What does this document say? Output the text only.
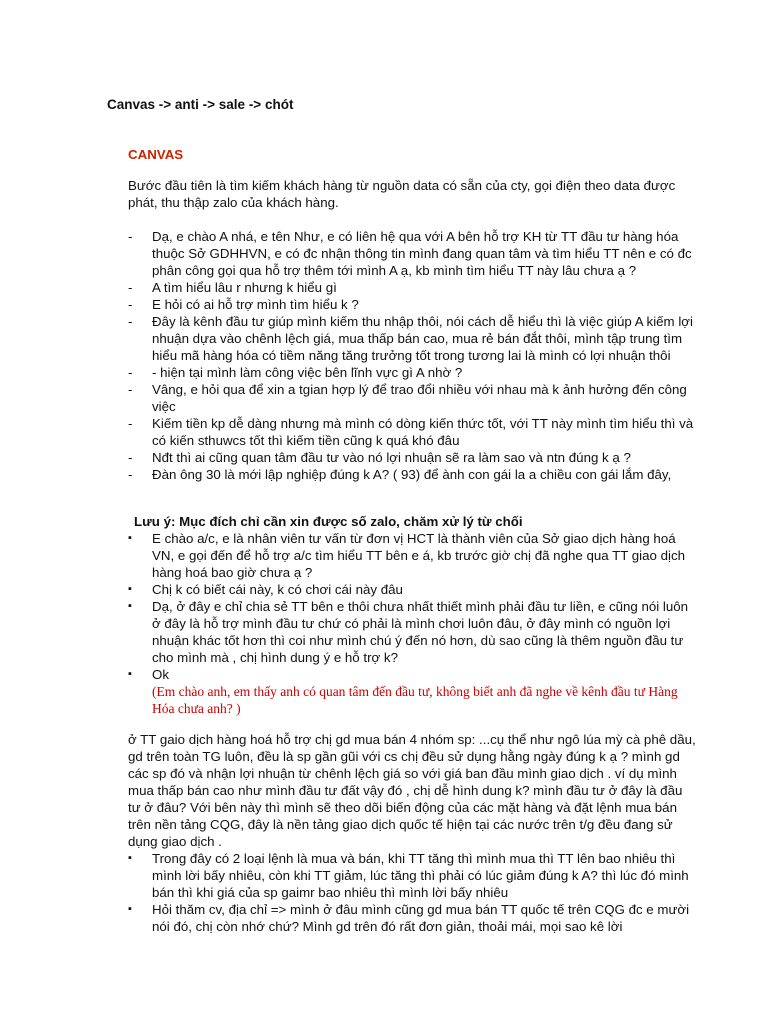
Canvas -> anti -> sale -> chót
CANVAS
Bước đầu tiên là tìm kiếm khách hàng từ nguồn data có sẵn của cty, gọi điện theo data được phát, thu thập zalo của khách hàng.
- Dạ, e chào A nhá, e tên Như, e có liên hệ qua với A bên hỗ trợ KH từ TT đầu tư hàng hóa thuộc Sở GDHHVN, e có đc nhận thông tin mình đang quan tâm và tìm hiểu TT nên e có đc phân công gọi qua hỗ trợ thêm tới mình A ạ, kb mình tìm hiểu TT này lâu chưa ạ ?
- A tìm hiểu lâu r nhưng k hiểu gì
- E hỏi có ai hỗ trợ mình tìm hiểu k ?
- Đây là kênh đầu tư giúp mình kiếm thu nhập thôi, nói cách dễ hiểu thì là việc giúp A kiếm lợi nhuận dựa vào chênh lệch giá, mua thấp bán cao, mua rẻ bán đắt thôi, mình tập trung tìm hiểu mã hàng hóa có tiềm năng tăng trưởng tốt trong tương lai là mình có lợi nhuận thôi
- - hiện tại mình làm công việc bên lĩnh vực gì A nhờ ?
- Vâng, e hỏi qua để xin a tgian hợp lý để trao đổi nhiều với nhau mà k ảnh hưởng đến công việc
- Kiếm tiền kp dễ dàng nhưng mà mình có dòng kiến thức tốt, với TT này mình tìm hiểu thì và có kiến sthuwcs tốt thì kiếm tiền cũng k quá khó đâu
- Nđt thì ai cũng quan tâm đầu tư vào nó lợi nhuận sẽ ra làm sao và ntn đúng k ạ ?
- Đàn ông 30 là mới lập nghiệp đúng k A? ( 93) để ành con gái la a chiều con gái lắm đây,
Lưu ý: Mục đích chỉ cần xin được số zalo, chăm xử lý từ chối
▪ E chào a/c, e là nhân viên tư vấn từ đơn vị HCT là thành viên của Sở giao dịch hàng hoá VN, e gọi đến để hỗ trợ a/c tìm hiểu TT bên e á, kb trước giờ chị đã nghe qua TT giao dịch hàng hoá bao giờ chưa ạ ?
▪ Chị k có biết cái này, k có chơi cái này đâu
▪ Dạ, ở đây e chỉ chia sẻ TT bên e thôi chưa nhất thiết mình phải đầu tư liền, e cũng nói luôn ở đây là hỗ trợ mình đầu tư chứ có phải là mình chơi luôn đâu, ở đây mình có nguồn lợi nhuận khác tốt hơn thì coi như mình chú ý đến nó hơn, dù sao cũng là thêm nguồn đầu tư cho mình mà , chị hình dung ý e hỗ trợ k?
▪ Ok
(Em chào anh, em thấy anh có quan tâm đến đầu tư, không biết anh đã nghe về kênh đầu tư Hàng Hóa chưa anh? )
ở TT gaio dịch hàng hoá hỗ trợ chị gd mua bán 4 nhóm sp: ...cụ thể như ngô lúa mỳ cà phê dầu, gd trên toàn TG luôn, đều là sp gần gũi với cs chị đều sử dụng hằng ngày đúng k ạ ? mình gd các sp đó và nhận lợi nhuận từ chênh lệch giá so với giá ban đầu mình giao dịch . ví dụ mình mua thấp bán cao như mình đầu tư đất vậy đó , chị dễ hình dung k? mình đầu tư ở đây là đầu tư ở đâu? Với bên này thì mình sẽ theo dõi biến động của các mặt hàng và đặt lệnh mua bán trên nền tảng CQG, đây là nền tảng giao dịch quốc tế hiện tại các nước trên t/g đều đang sử dụng giao dịch .
▪ Trong đây có 2 loại lệnh là mua và bán, khi TT tăng thì mình mua thì TT lên bao nhiêu thì mình lời bấy nhiêu, còn khi TT giảm, lúc tăng thì phải có lúc giảm đúng k A? thì lúc đó mình bán thì khi giá của sp gaimr bao nhiêu thì mình lời bấy nhiêu
▪ Hỏi thăm cv, địa chỉ => mình ở đâu mình cũng gd mua bán TT quốc tế trên CQG đc e mười nói đó, chị còn nhớ chứ? Mình gd trên đó rất đơn giản, thoải mái, mọi sao kê lời
